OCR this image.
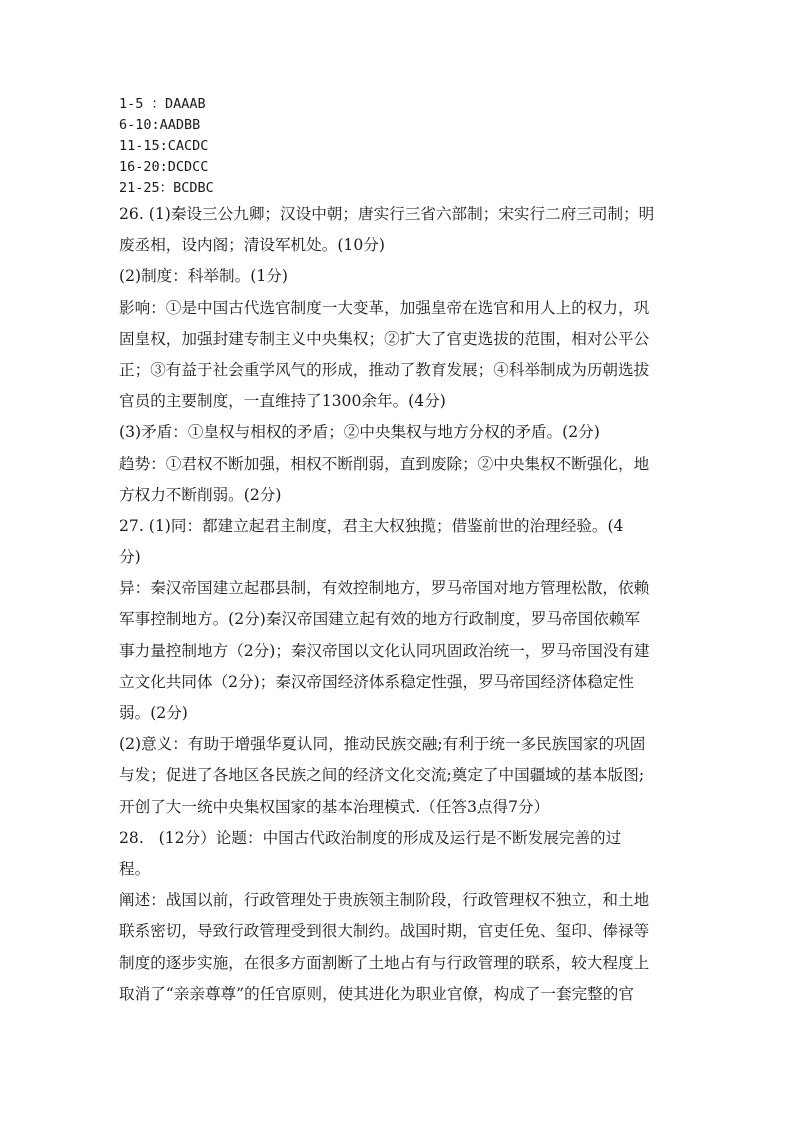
1-5 ：DAAAB
6-10:AADBB
11-15:CACDC
16-20:DCDCC
21-25：BCDBC
26. (1)秦设三公九卿；汉设中朝；唐实行三省六部制；宋实行二府三司制；明
废丞相，设内阁；清设军机处。(10分)
(2)制度：科举制。(1分)
影响：①是中国古代选官制度一大变革，加强皇帝在选官和用人上的权力，巩
固皇权，加强封建专制主义中央集权；②扩大了官吏选拔的范围，相对公平公
正；③有益于社会重学风气的形成，推动了教育发展；④科举制成为历朝选拔
官员的主要制度，一直维持了1300余年。(4分)
(3)矛盾：①皇权与相权的矛盾；②中央集权与地方分权的矛盾。(2分)
趋势：①君权不断加强，相权不断削弱，直到废除；②中央集权不断强化，地
方权力不断削弱。(2分)
27. (1)同：都建立起君主制度，君主大权独揽；借鉴前世的治理经验。(4
分)
异：秦汉帝国建立起郡县制，有效控制地方，罗马帝国对地方管理松散，依赖
军事控制地方。(2分)秦汉帝国建立起有效的地方行政制度，罗马帝国依赖军
事力量控制地方（2分)；秦汉帝国以文化认同巩固政治统一，罗马帝国没有建
立文化共同体（2分)；秦汉帝国经济体系稳定性强，罗马帝国经济体稳定性
弱。(2分)
(2)意义：有助于增强华夏认同，推动民族交融;有利于统一多民族国家的巩固
与发；促进了各地区各民族之间的经济文化交流;奠定了中国疆域的基本版图;
开创了大一统中央集权国家的基本治理模式.（任答3点得7分）
28.   (12分）论题：中国古代政治制度的形成及运行是不断发展完善的过
程。
阐述：战国以前，行政管理处于贵族领主制阶段，行政管理权不独立，和土地
联系密切，导致行政管理受到很大制约。战国时期，官吏任免、玺印、俸禄等
制度的逐步实施，在很多方面割断了土地占有与行政管理的联系，较大程度上
取消了“亲亲尊尊”的任官原则，使其进化为职业官僚，构成了一套完整的官
